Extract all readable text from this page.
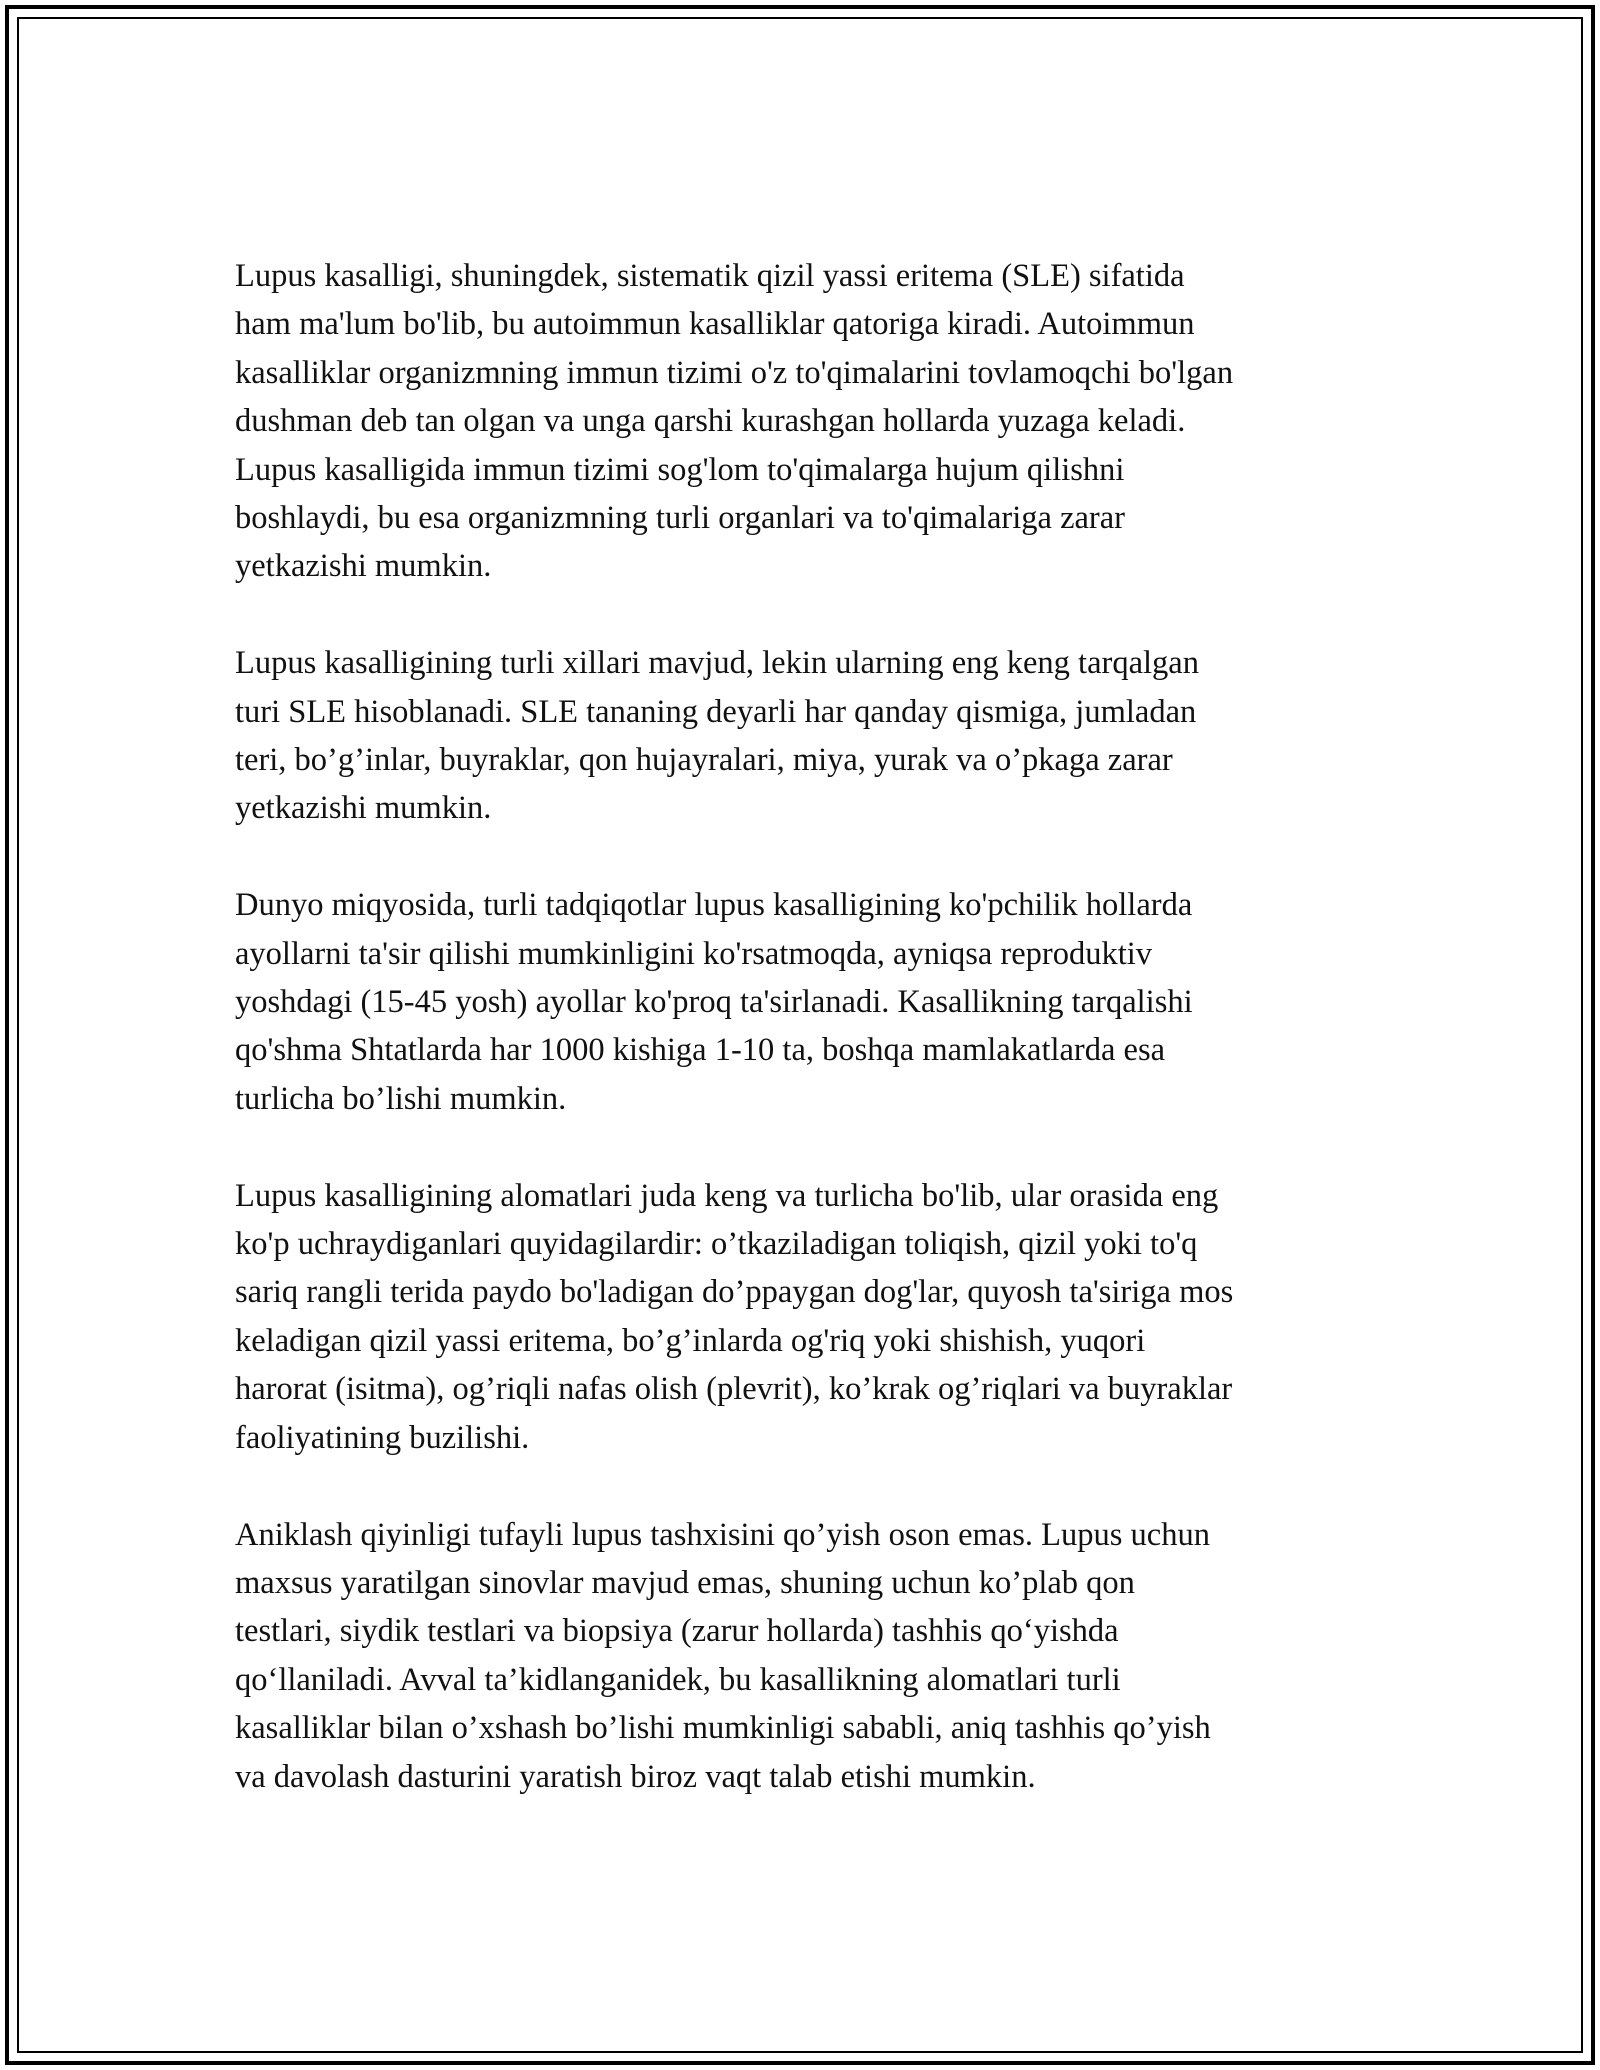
Lupus kasalligi, shuningdek, sistematik qizil yassi eritema (SLE) sifatida
ham ma'lum bo'lib, bu autoimmun kasalliklar qatoriga kiradi. Autoimmun
kasalliklar organizmning immun tizimi o'z to'qimalarini tovlamoqchi bo'lgan
dushman deb tan olgan va unga qarshi kurashgan hollarda yuzaga keladi.
Lupus kasalligida immun tizimi sog'lom to'qimalarga hujum qilishni
boshlaydi, bu esa organizmning turli organlari va to'qimalariga zarar
yetkazishi mumkin.

Lupus kasalligining turli xillari mavjud, lekin ularning eng keng tarqalgan
turi SLE hisoblanadi. SLE tananing deyarli har qanday qismiga, jumladan
teri, bo’g’inlar, buyraklar, qon hujayralari, miya, yurak va o’pkaga zarar
yetkazishi mumkin.

Dunyo miqyosida, turli tadqiqotlar lupus kasalligining ko'pchilik hollarda
ayollarni ta'sir qilishi mumkinligini ko'rsatmoqda, ayniqsa reproduktiv
yoshdagi (15-45 yosh) ayollar ko'proq ta'sirlanadi. Kasallikning tarqalishi
qo'shma Shtatlarda har 1000 kishiga 1-10 ta, boshqa mamlakatlarda esa
turlicha bo’lishi mumkin.

Lupus kasalligining alomatlari juda keng va turlicha bo'lib, ular orasida eng
ko'p uchraydiganlari quyidagilardir: o’tkaziladigan toliqish, qizil yoki to'q
sariq rangli terida paydo bo'ladigan do’ppaygan dog'lar, quyosh ta'siriga mos
keladigan qizil yassi eritema, bo’g’inlarda og'riq yoki shishish, yuqori
harorat (isitma), og’riqli nafas olish (plevrit), ko’krak og’riqlari va buyraklar
faoliyatining buzilishi.

Aniklash qiyinligi tufayli lupus tashxisini qo’yish oson emas. Lupus uchun
maxsus yaratilgan sinovlar mavjud emas, shuning uchun ko’plab qon
testlari, siydik testlari va biopsiya (zarur hollarda) tashhis qo‘yishda
qo‘llaniladi. Avval ta’kidlanganidek, bu kasallikning alomatlari turli
kasalliklar bilan o’xshash bo’lishi mumkinligi sababli, aniq tashhis qo’yish
va davolash dasturini yaratish biroz vaqt talab etishi mumkin.
